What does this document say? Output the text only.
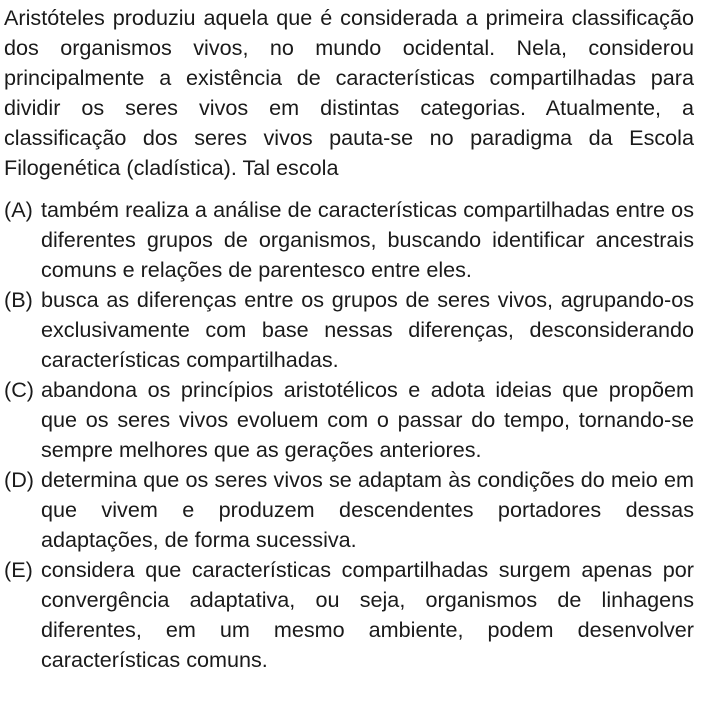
Aristóteles produziu aquela que é considerada a primeira classificação dos organismos vivos, no mundo ocidental. Nela, considerou principalmente a existência de características compartilhadas para dividir os seres vivos em distintas categorias. Atualmente, a classificação dos seres vivos pauta-se no paradigma da Escola Filogenética (cladística). Tal escola

(A) também realiza a análise de características compartilhadas entre os diferentes grupos de organismos, buscando identificar ancestrais comuns e relações de parentesco entre eles.
(B) busca as diferenças entre os grupos de seres vivos, agrupando-os exclusivamente com base nessas diferenças, desconsiderando características compartilhadas.
(C) abandona os princípios aristotélicos e adota ideias que propõem que os seres vivos evoluem com o passar do tempo, tornando-se sempre melhores que as gerações anteriores.
(D) determina que os seres vivos se adaptam às condições do meio em que vivem e produzem descendentes portadores dessas adaptações, de forma sucessiva.
(E) considera que características compartilhadas surgem apenas por convergência adaptativa, ou seja, organismos de linhagens diferentes, em um mesmo ambiente, podem desenvolver características comuns.
